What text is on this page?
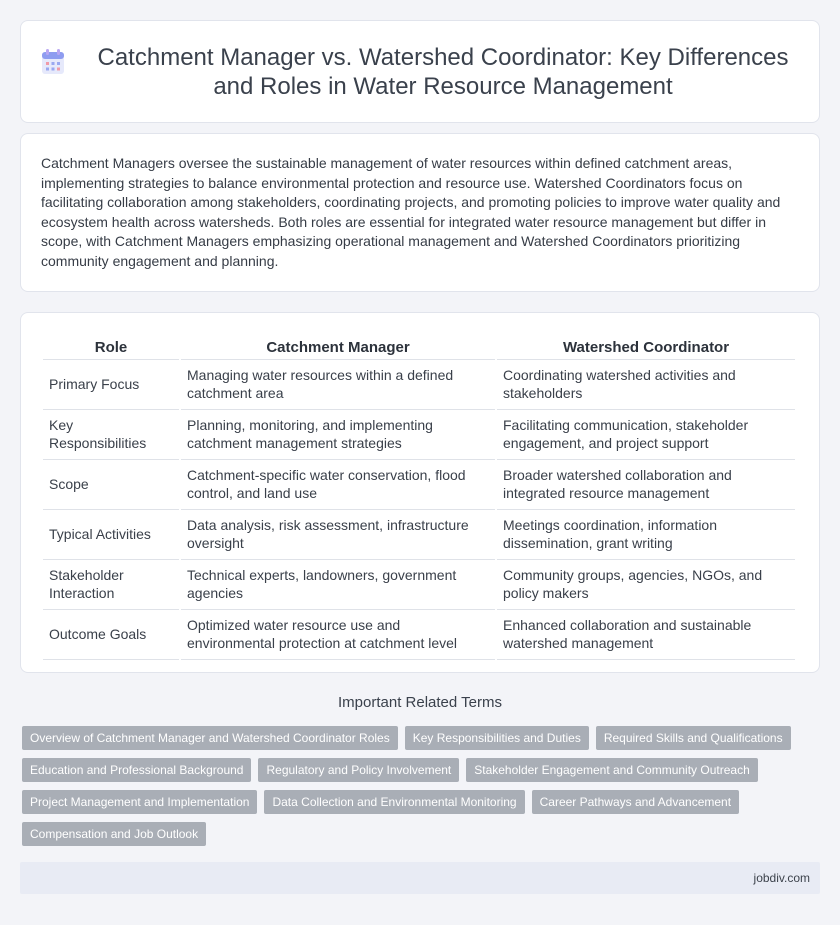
Catchment Manager vs. Watershed Coordinator: Key Differences and Roles in Water Resource Management

Catchment Managers oversee the sustainable management of water resources within defined catchment areas, implementing strategies to balance environmental protection and resource use. Watershed Coordinators focus on facilitating collaboration among stakeholders, coordinating projects, and promoting policies to improve water quality and ecosystem health across watersheds. Both roles are essential for integrated water resource management but differ in scope, with Catchment Managers emphasizing operational management and Watershed Coordinators prioritizing community engagement and planning.

Role	Catchment Manager	Watershed Coordinator
Primary Focus	Managing water resources within a defined catchment area	Coordinating watershed activities and stakeholders
Key Responsibilities	Planning, monitoring, and implementing catchment management strategies	Facilitating communication, stakeholder engagement, and project support
Scope	Catchment-specific water conservation, flood control, and land use	Broader watershed collaboration and integrated resource management
Typical Activities	Data analysis, risk assessment, infrastructure oversight	Meetings coordination, information dissemination, grant writing
Stakeholder Interaction	Technical experts, landowners, government agencies	Community groups, agencies, NGOs, and policy makers
Outcome Goals	Optimized water resource use and environmental protection at catchment level	Enhanced collaboration and sustainable watershed management
Important Related Terms
Overview of Catchment Manager and Watershed Coordinator Roles	Key Responsibilities and Duties	Required Skills and Qualifications
Education and Professional Background	Regulatory and Policy Involvement	Stakeholder Engagement and Community Outreach
Project Management and Implementation	Data Collection and Environmental Monitoring	Career Pathways and Advancement
Compensation and Job Outlook
jobdiv.com
